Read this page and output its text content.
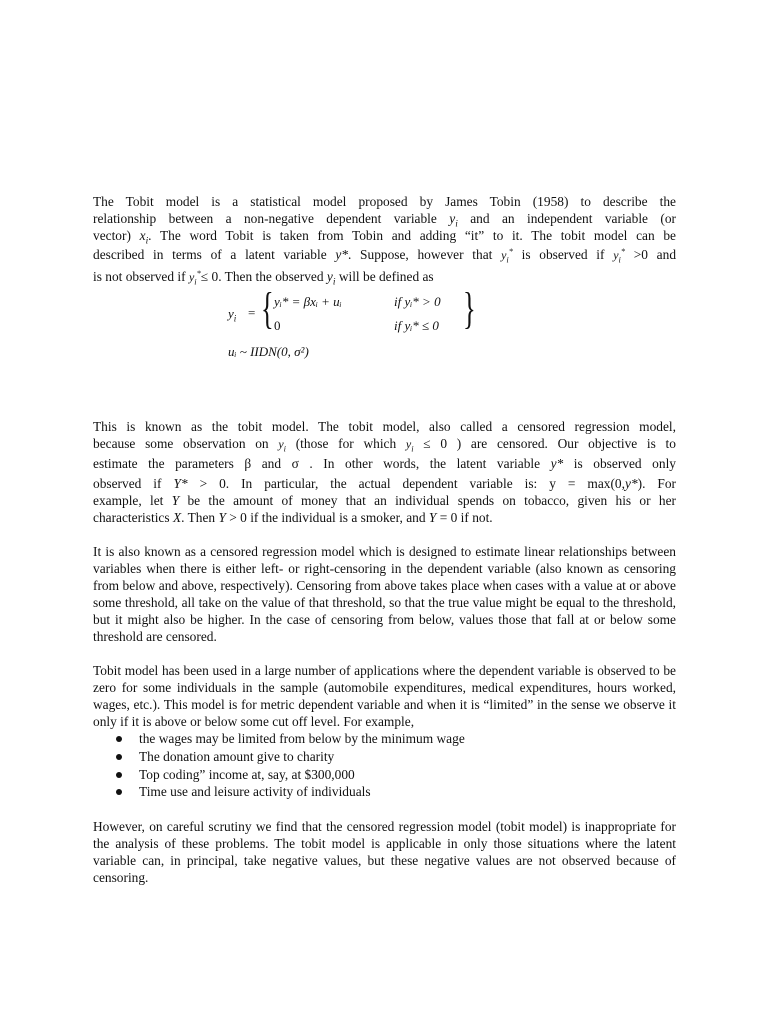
The Tobit model is a statistical model proposed by James Tobin (1958) to describe the
relationship between a non-negative dependent variable $y_i$ and an independent variable (or
vector) $x_i$. The word Tobit is taken from Tobin and adding “it” to it. The tobit model can be
described in terms of a latent variable y*. Suppose, however that $y_i^*$ is observed if $y_i^* >0$ and
is not observed if $y_i^*\le 0$. Then the observed $y_i$ will be defined as

$y_i$ = { yᵢ* = βxᵢ + uᵢ	if yᵢ* > 0
0	if yᵢ* ≤ 0 }
uᵢ ~ IIDN(0, σ²)

This is known as the tobit model. The tobit model, also called a censored regression model,
because some observation on $y_i$ (those for which $y_i \le 0$ ) are censored. Our objective is to
estimate the parameters β and σ . In other words, the latent variable y* is observed only
observed if Y* > 0. In particular, the actual dependent variable is: y = max(0,y*). For
example, let Y be the amount of money that an individual spends on tobacco, given his or her
characteristics X. Then Y > 0 if the individual is a smoker, and Y = 0 if not.

It is also known as a censored regression model which is designed to estimate linear relationships between variables when there is either left- or right-censoring in the dependent variable (also known as censoring from below and above, respectively). Censoring from above takes place when cases with a value at or above some threshold, all take on the value of that threshold, so that the true value might be equal to the threshold, but it might also be higher. In the case of censoring from below, values those that fall at or below some threshold are censored.

Tobit model has been used in a large number of applications where the dependent variable is observed to be zero for some individuals in the sample (automobile expenditures, medical expenditures, hours worked, wages, etc.). This model is for metric dependent variable and when it is “limited” in the sense we observe it only if it is above or below some cut off level. For example,

the wages may be limited from below by the minimum wage
The donation amount give to charity
Top coding” income at, say, at $300,000
Time use and leisure activity of individuals

However, on careful scrutiny we find that the censored regression model (tobit model) is inappropriate for the analysis of these problems. The tobit model is applicable in only those situations where the latent variable can, in principal, take negative values, but these negative values are not observed because of censoring.
